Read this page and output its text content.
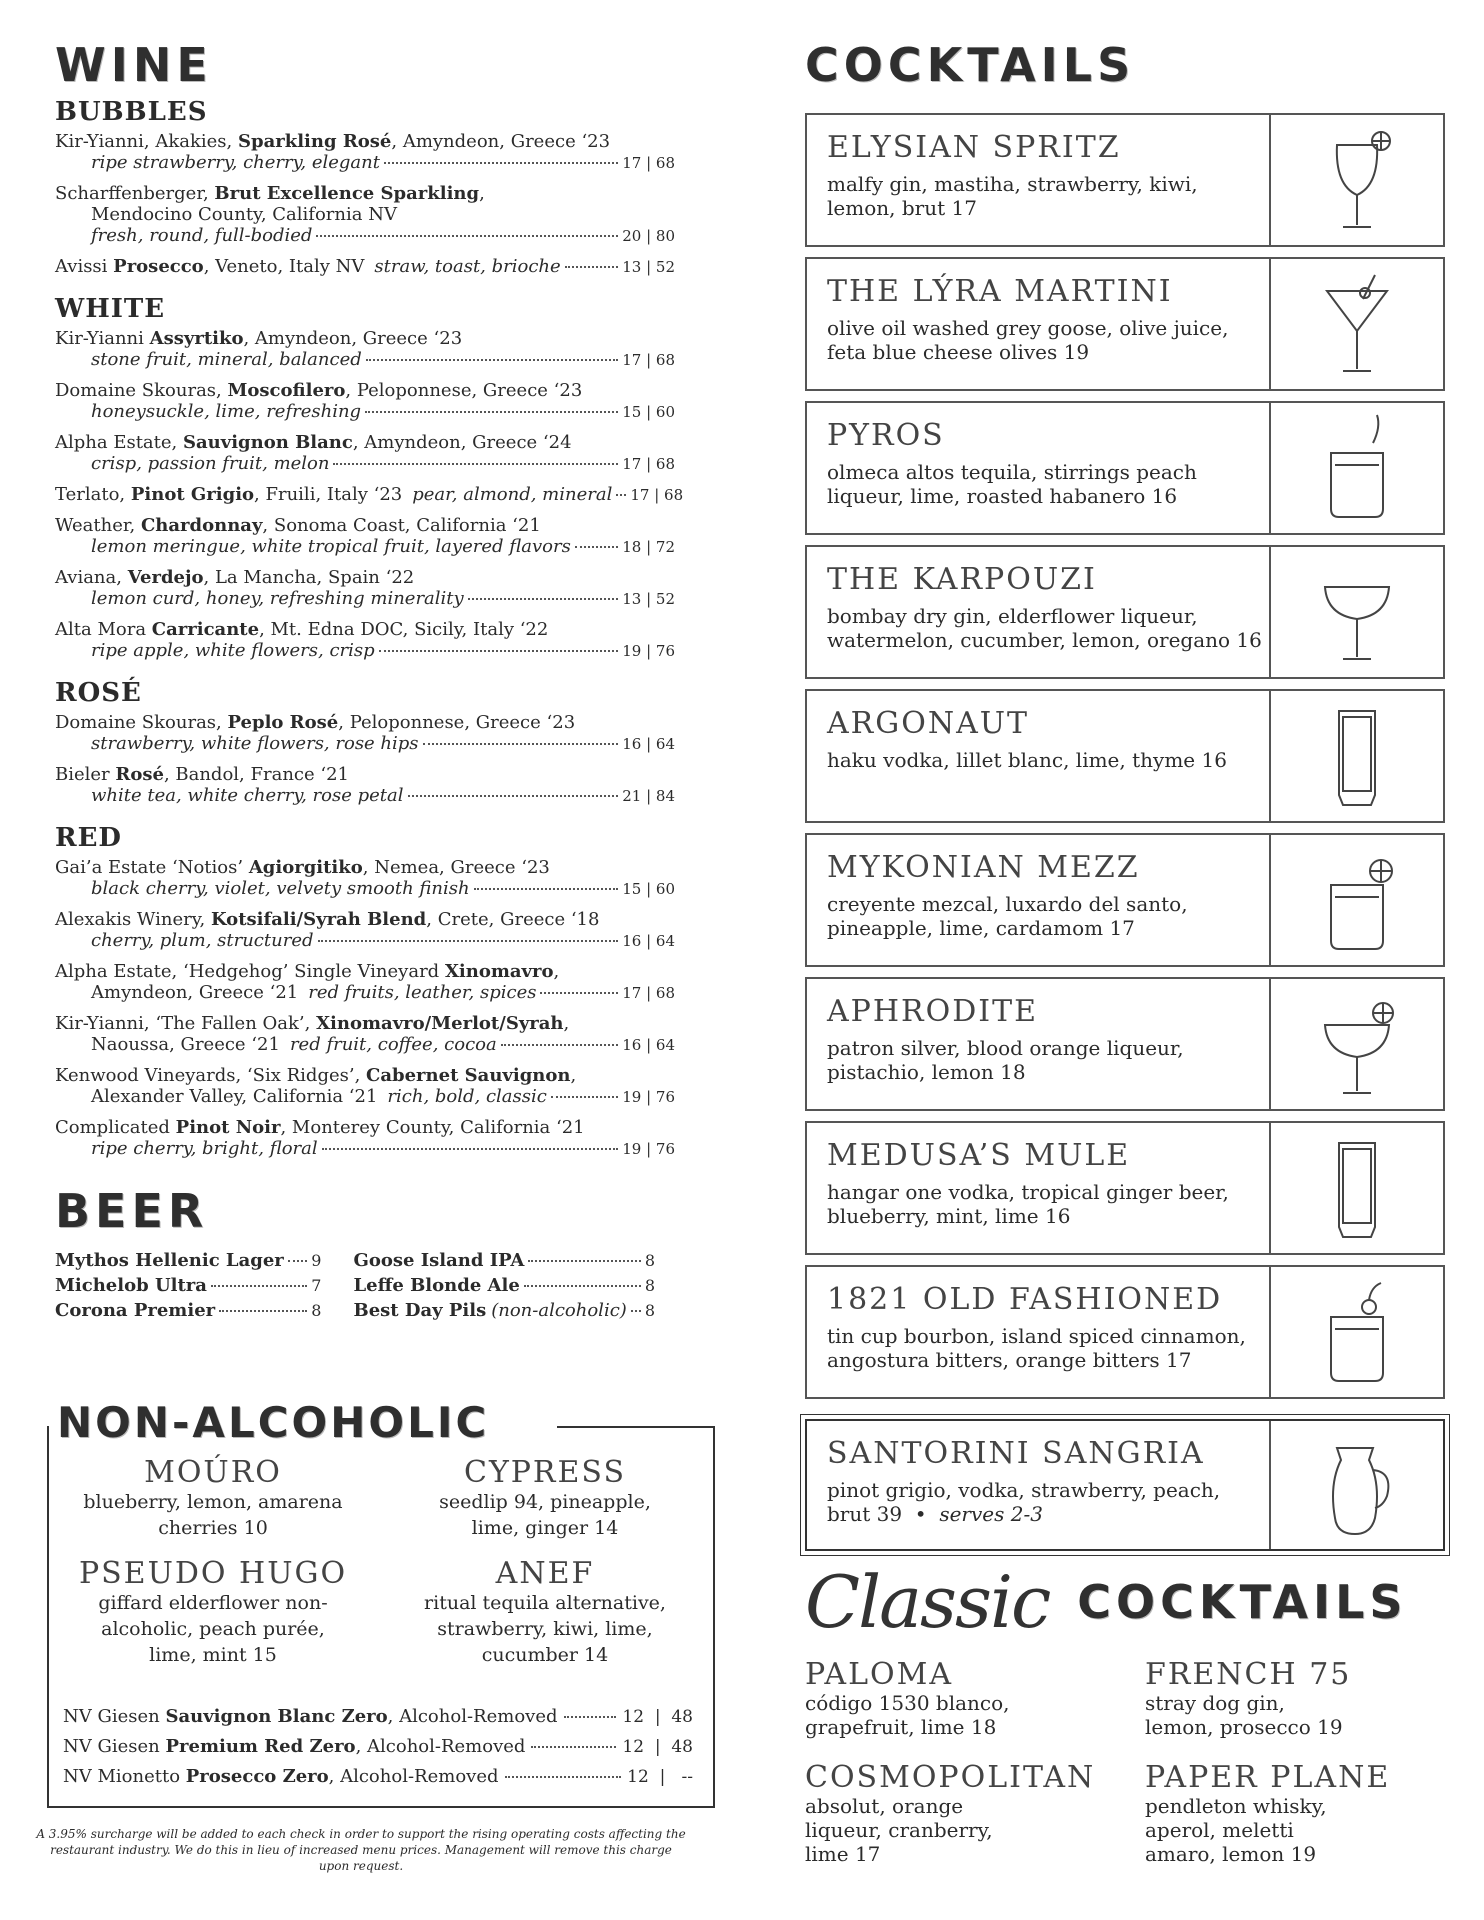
WINE
BUBBLES
Kir-Yianni, Akakies, Sparkling Rosé, Amyndeon, Greece ‘23
ripe strawberry, cherry, elegant	17 | 68
Scharffenberger, Brut Excellence Sparkling,
Mendocino County, California NV
fresh, round, full-bodied	20 | 80
Avissi Prosecco, Veneto, Italy NV straw, toast, brioche	13 | 52
WHITE
Kir-Yianni Assyrtiko, Amyndeon, Greece ‘23
stone fruit, mineral, balanced	17 | 68
Domaine Skouras, Moscofilero, Peloponnese, Greece ‘23
honeysuckle, lime, refreshing	15 | 60
Alpha Estate, Sauvignon Blanc, Amyndeon, Greece ‘24
crisp, passion fruit, melon	17 | 68
Terlato, Pinot Grigio, Fruili, Italy ‘23 pear, almond, mineral 17 | 68
Weather, Chardonnay, Sonoma Coast, California ‘21
lemon meringue, white tropical fruit, layered flavors	18 | 72
Aviana, Verdejo, La Mancha, Spain ‘22
lemon curd, honey, refreshing minerality	13 | 52
Alta Mora Carricante, Mt. Edna DOC, Sicily, Italy ‘22
ripe apple, white flowers, crisp	19 | 76
ROSÉ
Domaine Skouras, Peplo Rosé, Peloponnese, Greece ‘23
strawberry, white flowers, rose hips	16 | 64
Bieler Rosé, Bandol, France ‘21
white tea, white cherry, rose petal	21 | 84
RED
Gai’a Estate ‘Notios’ Agiorgitiko, Nemea, Greece ‘23
black cherry, violet, velvety smooth finish	15 | 60
Alexakis Winery, Kotsifali/Syrah Blend, Crete, Greece ‘18
cherry, plum, structured	16 | 64
Alpha Estate, ‘Hedgehog’ Single Vineyard Xinomavro,
Amyndeon, Greece ‘21 red fruits, leather, spices	17 | 68
Kir-Yianni, ‘The Fallen Oak’, Xinomavro/Merlot/Syrah,
Naoussa, Greece ‘21 red fruit, coffee, cocoa	16 | 64
Kenwood Vineyards, ‘Six Ridges’, Cabernet Sauvignon,
Alexander Valley, California ‘21 rich, bold, classic	19 | 76
Complicated Pinot Noir, Monterey County, California ‘21
ripe cherry, bright, floral	19 | 76
BEER
Mythos Hellenic Lager 9 Goose Island IPA	8
Michelob Ultra	7 Leffe Blonde Ale	8
Corona Premier	8 Best Day Pils (non-alcoholic) 8
NON-ALCOHOLIC
MOÚRO
blueberry, lemon, amarena cherries 10
CYPRESS
seedlip 94, pineapple, lime, ginger 14
PSEUDO HUGO
giffard elderflower non-alcoholic, peach purée, lime, mint 15
ANEF
ritual tequila alternative, strawberry, kiwi, lime, cucumber 14
NV Giesen Sauvignon Blanc Zero, Alcohol-Removed	12  |  48
NV Giesen Premium Red Zero, Alcohol-Removed	12  |  48
NV Mionetto Prosecco Zero, Alcohol-Removed	12  |   --
A 3.95% surcharge will be added to each check in order to support the rising operating costs affecting the restaurant industry. We do this in lieu of increased menu prices. Management will remove this charge upon request.
COCKTAILS
ELYSIAN SPRITZ
malfy gin, mastiha, strawberry, kiwi, lemon, brut 17
THE LÝRA MARTINI
olive oil washed grey goose, olive juice, feta blue cheese olives 19
PYROS
olmeca altos tequila, stirrings peach liqueur, lime, roasted habanero 16
THE KARPOUZI
bombay dry gin, elderflower liqueur, watermelon, cucumber, lemon, oregano 16
ARGONAUT
haku vodka, lillet blanc, lime, thyme 16
MYKONIAN MEZZ
creyente mezcal, luxardo del santo, pineapple, lime, cardamom 17
APHRODITE
patron silver, blood orange liqueur, pistachio, lemon 18
MEDUSA’S MULE
hangar one vodka, tropical ginger beer, blueberry, mint, lime 16
1821 OLD FASHIONED
tin cup bourbon, island spiced cinnamon, angostura bitters, orange bitters 17
SANTORINI SANGRIA
pinot grigio, vodka, strawberry, peach, brut 39  •  serves 2-3
Classic COCKTAILS
PALOMA
código 1530 blanco, grapefruit, lime 18
FRENCH 75
stray dog gin, lemon, prosecco 19
COSMOPOLITAN
absolut, orange liqueur, cranberry, lime 17
PAPER PLANE
pendleton whisky, aperol, meletti amaro, lemon 19
